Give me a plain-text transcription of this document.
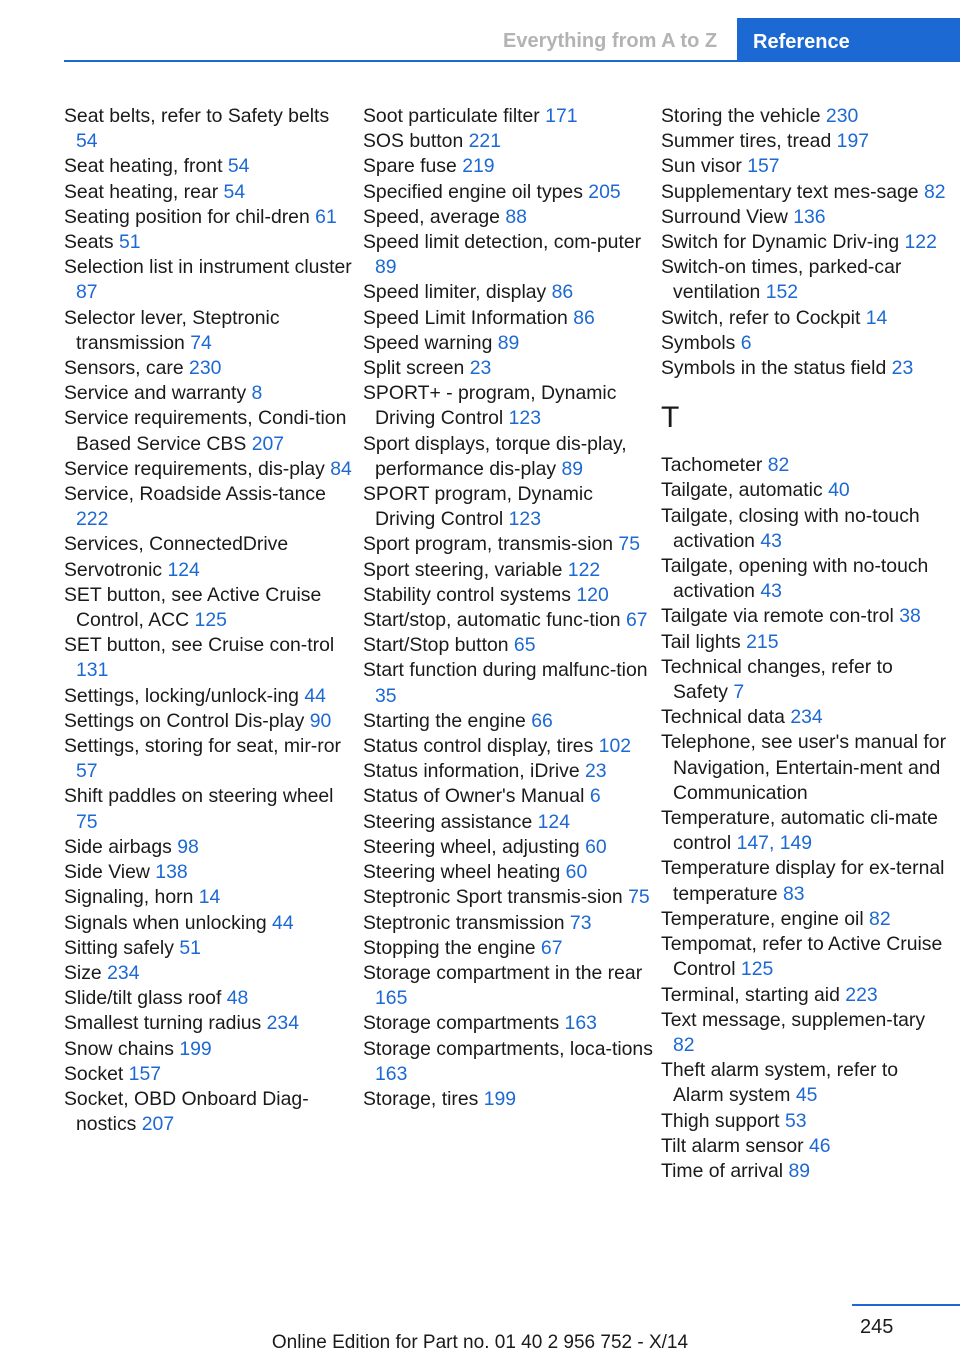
Everything from A to Z	Reference
Seat belts, refer to Safety belts 54
Seat heating, front 54
Seat heating, rear 54
Seating position for chil-dren 61
Seats 51
Selection list in instrument cluster 87
Selector lever, Steptronic transmission 74
Sensors, care 230
Service and warranty 8
Service requirements, Condi-tion Based Service CBS 207
Service requirements, dis-play 84
Service, Roadside Assis-tance 222
Services, ConnectedDrive
Servotronic 124
SET button, see Active Cruise Control, ACC 125
SET button, see Cruise con-trol 131
Settings, locking/unlock-ing 44
Settings on Control Dis-play 90
Settings, storing for seat, mir-ror 57
Shift paddles on steering wheel 75
Side airbags 98
Side View 138
Signaling, horn 14
Signals when unlocking 44
Sitting safely 51
Size 234
Slide/tilt glass roof 48
Smallest turning radius 234
Snow chains 199
Socket 157
Socket, OBD Onboard Diag-nostics 207
Soot particulate filter 171
SOS button 221
Spare fuse 219
Specified engine oil types 205
Speed, average 88
Speed limit detection, com-puter 89
Speed limiter, display 86
Speed Limit Information 86
Speed warning 89
Split screen 23
SPORT+ - program, Dynamic Driving Control 123
Sport displays, torque dis-play, performance dis-play 89
SPORT program, Dynamic Driving Control 123
Sport program, transmis-sion 75
Sport steering, variable 122
Stability control systems 120
Start/stop, automatic func-tion 67
Start/Stop button 65
Start function during malfunc-tion 35
Starting the engine 66
Status control display, tires 102
Status information, iDrive 23
Status of Owner's Manual 6
Steering assistance 124
Steering wheel, adjusting 60
Steering wheel heating 60
Steptronic Sport transmis-sion 75
Steptronic transmission 73
Stopping the engine 67
Storage compartment in the rear 165
Storage compartments 163
Storage compartments, loca-tions 163
Storage, tires 199
Storing the vehicle 230
Summer tires, tread 197
Sun visor 157
Supplementary text mes-sage 82
Surround View 136
Switch for Dynamic Driv-ing 122
Switch-on times, parked-car ventilation 152
Switch, refer to Cockpit 14
Symbols 6
Symbols in the status field 23
T
Tachometer 82
Tailgate, automatic 40
Tailgate, closing with no-touch activation 43
Tailgate, opening with no-touch activation 43
Tailgate via remote con-trol 38
Tail lights 215
Technical changes, refer to Safety 7
Technical data 234
Telephone, see user's manual for Navigation, Entertain-ment and Communication
Temperature, automatic cli-mate control 147, 149
Temperature display for ex-ternal temperature 83
Temperature, engine oil 82
Tempomat, refer to Active Cruise Control 125
Terminal, starting aid 223
Text message, supplemen-tary 82
Theft alarm system, refer to Alarm system 45
Thigh support 53
Tilt alarm sensor 46
Time of arrival 89
245
Online Edition for Part no. 01 40 2 956 752 - X/14
